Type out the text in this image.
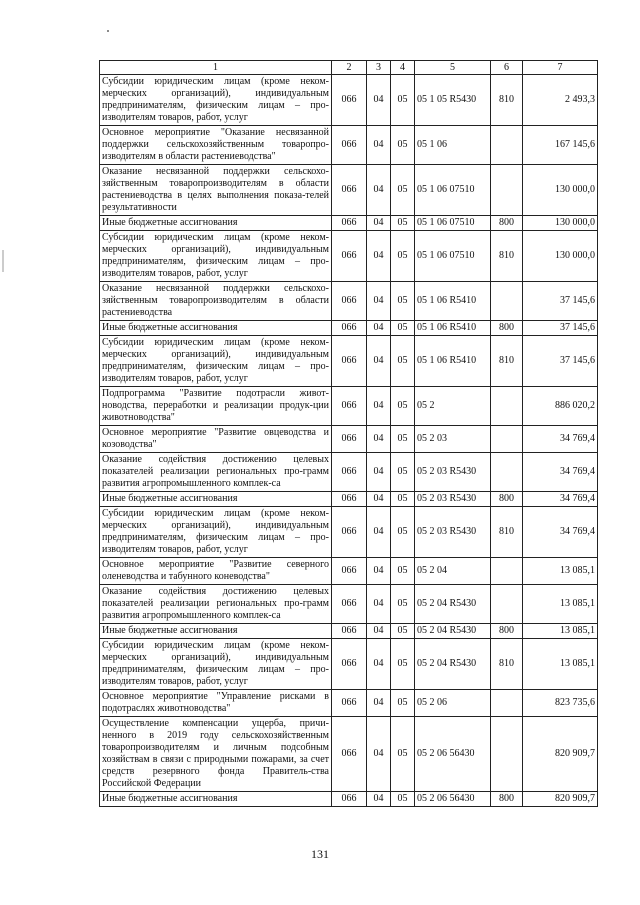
1	2	3	4	5	6	7
Субсидии юридическим лицам (кроме неком-мерческих организаций), индивидуальным предпринимателям, физическим лицам – про-изводителям товаров, работ, услуг	066	04	05	05 1 05 R5430	810	2 493,3
Основное мероприятие "Оказание несвязанной поддержки сельскохозяйственным товаропро-изводителям в области растениеводства"	066	04	05	05 1 06		167 145,6
Оказание несвязанной поддержки сельскохо-зяйственным товаропроизводителям в области растениеводства в целях выполнения показа-телей результативности	066	04	05	05 1 06 07510		130 000,0
Иные бюджетные ассигнования	066	04	05	05 1 06 07510	800	130 000,0
Субсидии юридическим лицам (кроме неком-мерческих организаций), индивидуальным предпринимателям, физическим лицам – про-изводителям товаров, работ, услуг	066	04	05	05 1 06 07510	810	130 000,0
Оказание несвязанной поддержки сельскохо-зяйственным товаропроизводителям в области растениеводства	066	04	05	05 1 06 R5410		37 145,6
Иные бюджетные ассигнования	066	04	05	05 1 06 R5410	800	37 145,6
Субсидии юридическим лицам (кроме неком-мерческих организаций), индивидуальным предпринимателям, физическим лицам – про-изводителям товаров, работ, услуг	066	04	05	05 1 06 R5410	810	37 145,6
Подпрограмма "Развитие подотрасли живот-новодства, переработки и реализации продук-ции животноводства"	066	04	05	05 2		886 020,2
Основное мероприятие "Развитие овцеводства и козоводства"	066	04	05	05 2 03		34 769,4
Оказание содействия достижению целевых показателей реализации региональных про-грамм развития агропромышленного комплек-са	066	04	05	05 2 03 R5430		34 769,4
Иные бюджетные ассигнования	066	04	05	05 2 03 R5430	800	34 769,4
Субсидии юридическим лицам (кроме неком-мерческих организаций), индивидуальным предпринимателям, физическим лицам – про-изводителям товаров, работ, услуг	066	04	05	05 2 03 R5430	810	34 769,4
Основное мероприятие "Развитие северного оленеводства и табунного коневодства"	066	04	05	05 2 04		13 085,1
Оказание содействия достижению целевых показателей реализации региональных про-грамм развития агропромышленного комплек-са	066	04	05	05 2 04 R5430		13 085,1
Иные бюджетные ассигнования	066	04	05	05 2 04 R5430	800	13 085,1
Субсидии юридическим лицам (кроме неком-мерческих организаций), индивидуальным предпринимателям, физическим лицам – про-изводителям товаров, работ, услуг	066	04	05	05 2 04 R5430	810	13 085,1
Основное мероприятие "Управление рисками в подотраслях животноводства"	066	04	05	05 2 06		823 735,6
Осуществление компенсации ущерба, причи-ненного в 2019 году сельскохозяйственным товаропроизводителям и личным подсобным хозяйствам в связи с природными пожарами, за счет средств резервного фонда Правитель-ства Российской Федерации	066	04	05	05 2 06 56430		820 909,7
Иные бюджетные ассигнования	066	04	05	05 2 06 56430	800	820 909,7
131
